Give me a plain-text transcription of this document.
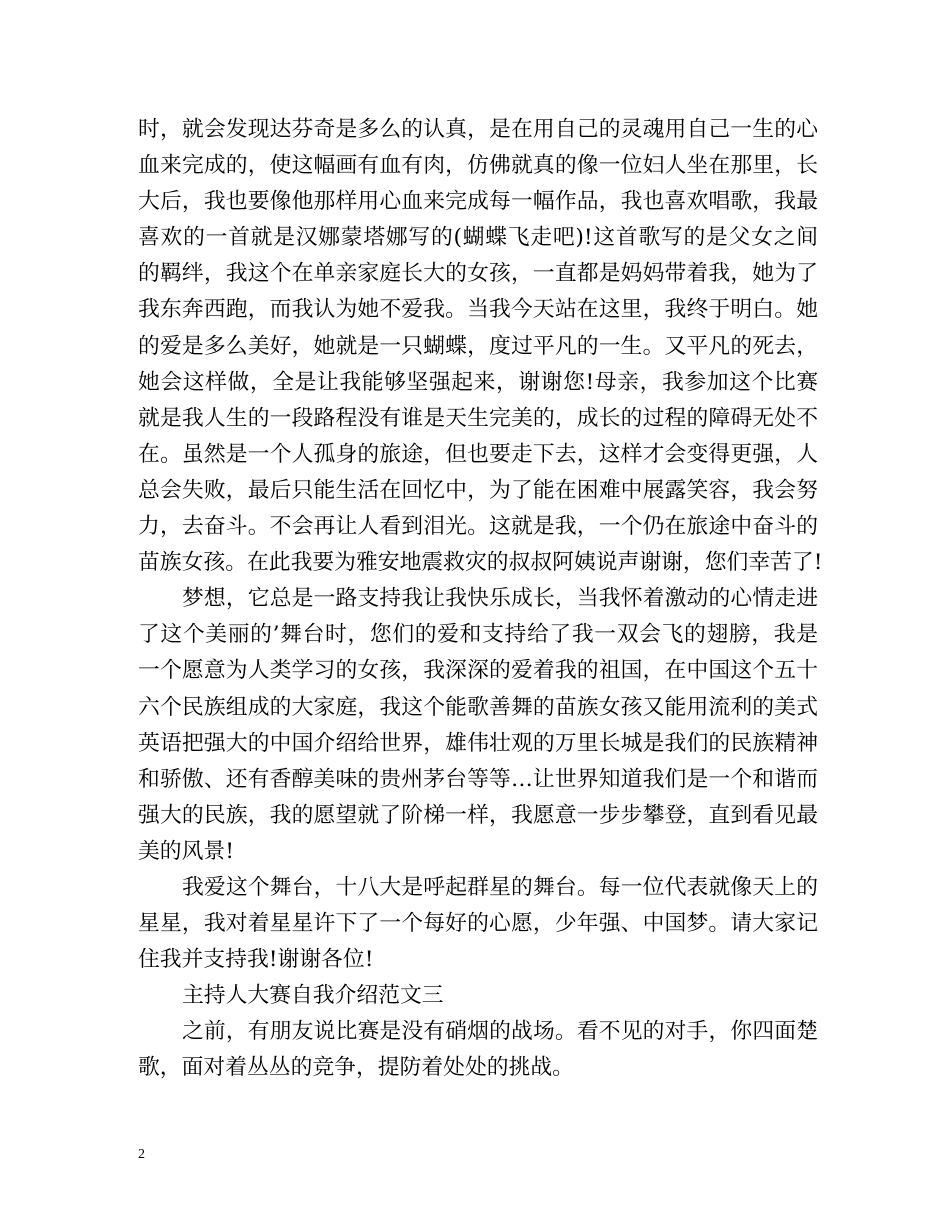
时，就会发现达芬奇是多么的认真，是在用自己的灵魂用自己一生的心
血来完成的，使这幅画有血有肉，仿佛就真的像一位妇人坐在那里，长
大后，我也要像他那样用心血来完成每一幅作品，我也喜欢唱歌，我最
喜欢的一首就是汉娜蒙塔娜写的(蝴蝶飞走吧)!这首歌写的是父女之间
的羁绊，我这个在单亲家庭长大的女孩，一直都是妈妈带着我，她为了
我东奔西跑，而我认为她不爱我。当我今天站在这里，我终于明白。她
的爱是多么美好，她就是一只蝴蝶，度过平凡的一生。又平凡的死去，
她会这样做，全是让我能够坚强起来，谢谢您!母亲，我参加这个比赛
就是我人生的一段路程没有谁是天生完美的，成长的过程的障碍无处不
在。虽然是一个人孤身的旅途，但也要走下去，这样才会变得更强，人
总会失败，最后只能生活在回忆中，为了能在困难中展露笑容，我会努
力，去奋斗。不会再让人看到泪光。这就是我，一个仍在旅途中奋斗的
苗族女孩。在此我要为雅安地震救灾的叔叔阿姨说声谢谢，您们幸苦了!
梦想，它总是一路支持我让我快乐成长，当我怀着激动的心情走进
了这个美丽的’舞台时，您们的爱和支持给了我一双会飞的翅膀，我是
一个愿意为人类学习的女孩，我深深的爱着我的祖国，在中国这个五十
六个民族组成的大家庭，我这个能歌善舞的苗族女孩又能用流利的美式
英语把强大的中国介绍给世界，雄伟壮观的万里长城是我们的民族精神
和骄傲、还有香醇美味的贵州茅台等等…让世界知道我们是一个和谐而
强大的民族，我的愿望就了阶梯一样，我愿意一步步攀登，直到看见最
美的风景!
我爱这个舞台，十八大是呼起群星的舞台。每一位代表就像天上的
星星，我对着星星许下了一个每好的心愿，少年强、中国梦。请大家记
住我并支持我!谢谢各位!
主持人大赛自我介绍范文三
之前，有朋友说比赛是没有硝烟的战场。看不见的对手，你四面楚
歌，面对着丛丛的竞争，提防着处处的挑战。
2
